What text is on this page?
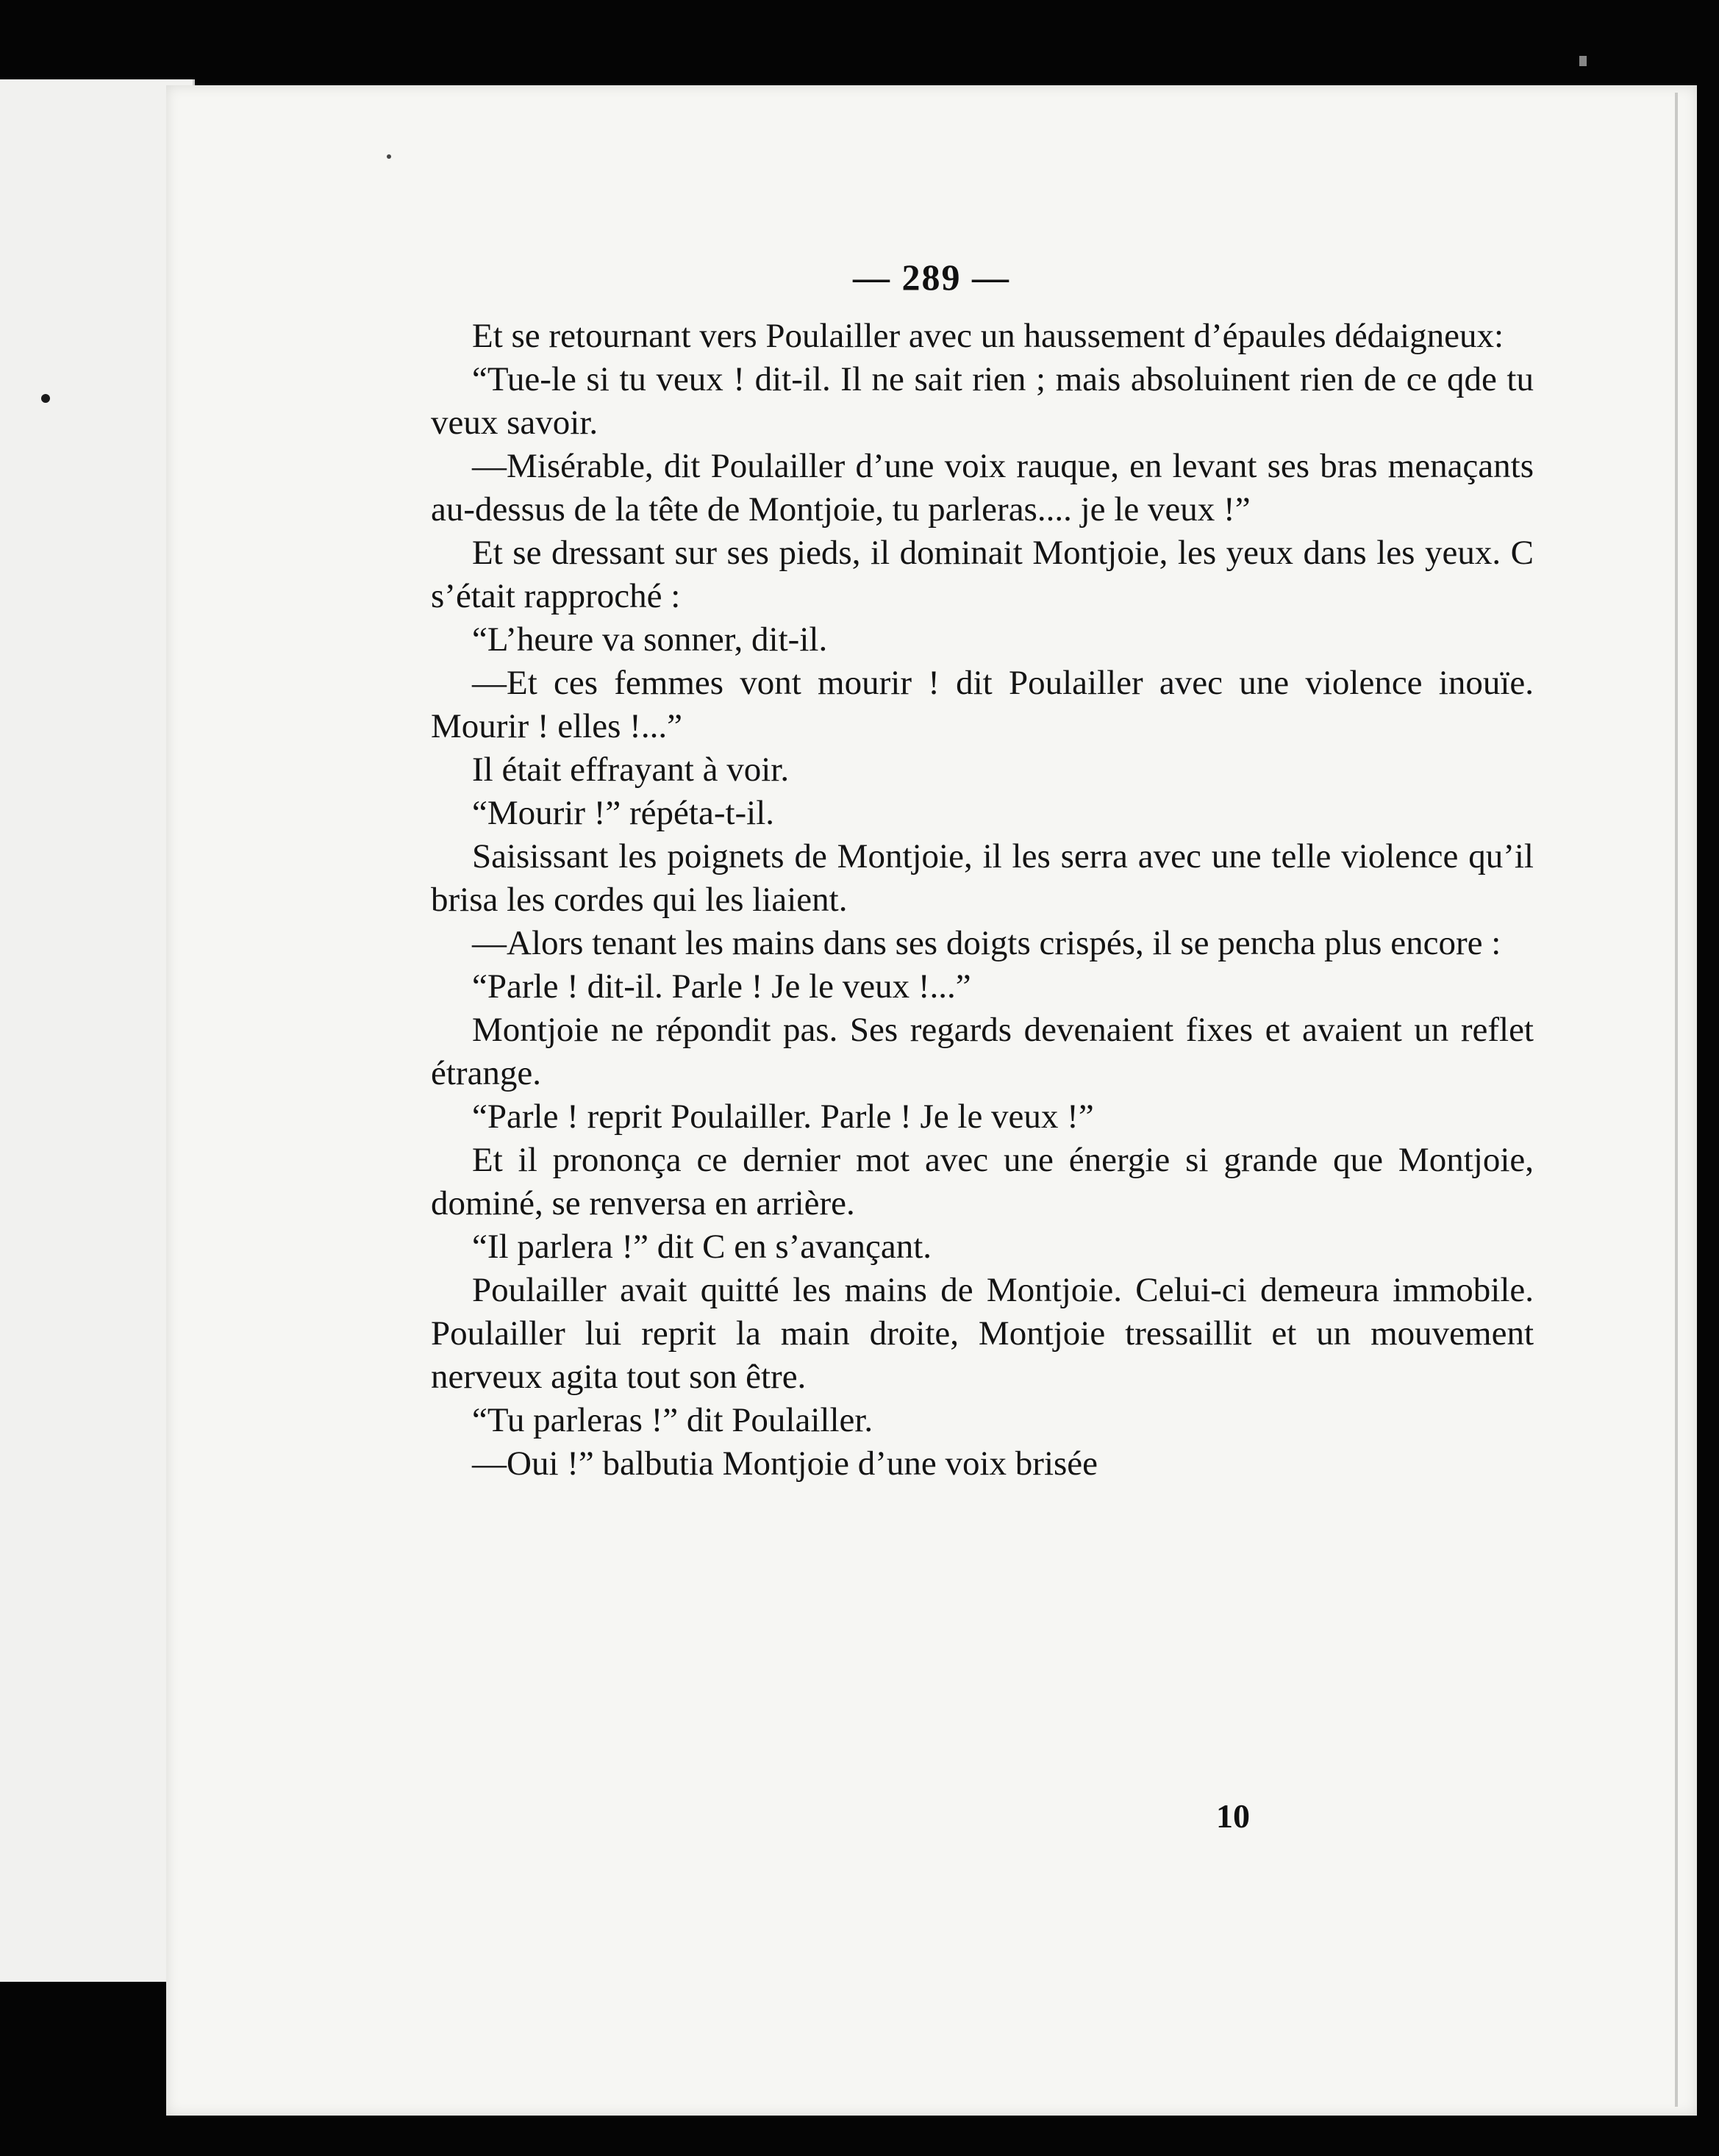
— 289 —

Et se retournant vers Poulailler avec un haussement d’épaules dédaigneux:

“Tue-le si tu veux ! dit-il. Il ne sait rien ; mais absoluinent rien de ce qde tu veux savoir.

—Misérable, dit Poulailler d’une voix rauque, en levant ses bras menaçants au-dessus de la tête de Montjoie, tu parleras.... je le veux !”

Et se dressant sur ses pieds, il dominait Montjoie, les yeux dans les yeux. C s’était rapproché :

“L’heure va sonner, dit-il.

—Et ces femmes vont mourir ! dit Poulailler avec une violence inouïe. Mourir ! elles !...”

Il était effrayant à voir.

“Mourir !” répéta-t-il.

Saisissant les poignets de Montjoie, il les serra avec une telle violence qu’il brisa les cordes qui les liaient.

—Alors tenant les mains dans ses doigts crispés, il se pencha plus encore :

“Parle ! dit-il. Parle ! Je le veux !...”

Montjoie ne répondit pas. Ses regards devenaient fixes et avaient un reflet étrange.

“Parle ! reprit Poulailler. Parle ! Je le veux !”

Et il prononça ce dernier mot avec une énergie si grande que Montjoie, dominé, se renversa en arrière.

“Il parlera !” dit C en s’avançant.

Poulailler avait quitté les mains de Montjoie. Celui-ci demeura immobile. Poulailler lui reprit la main droite, Montjoie tressaillit et un mouvement nerveux agita tout son être.

“Tu parleras !” dit Poulailler.

—Oui !” balbutia Montjoie d’une voix brisée

10
